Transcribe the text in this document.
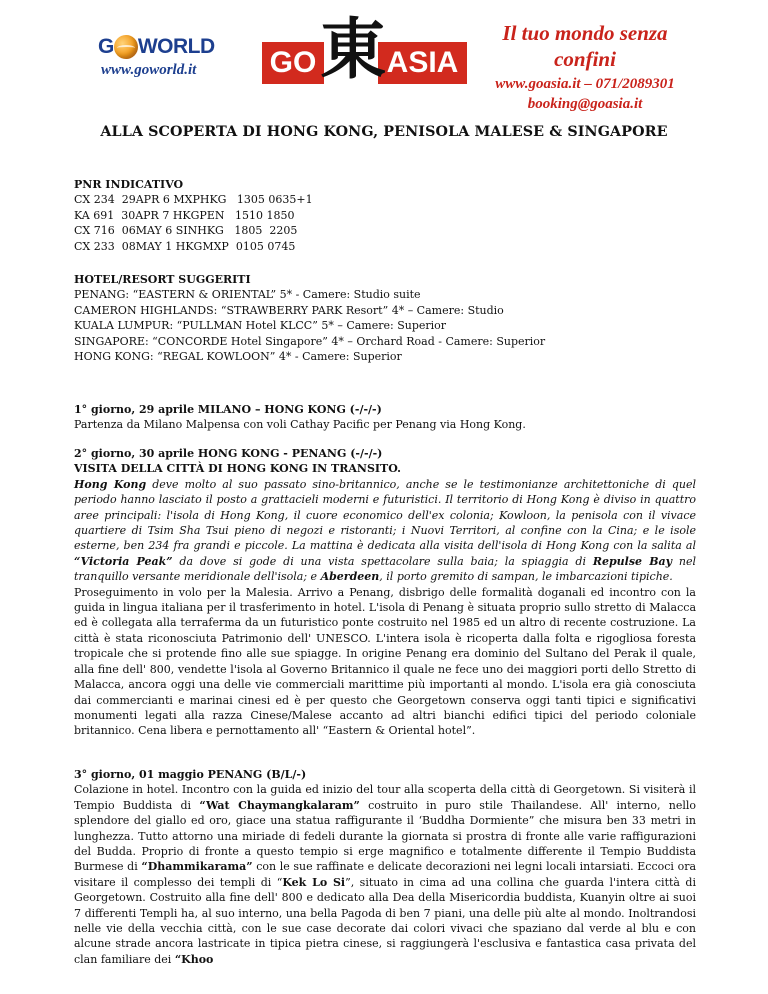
G WORLD
www.goworld.it	GO ASIA
東	Il tuo mondo senza confini
www.goasia.it – 071/2089301
booking@goasia.it
ALLA SCOPERTA DI HONG KONG, PENISOLA MALESE & SINGAPORE

PNR INDICATIVO

CX 234  29APR 6 MXPHKG   1305 0635+1

KA 691  30APR 7 HKGPEN   1510 1850

CX 716  06MAY 6 SINHKG   1805  2205

CX 233  08MAY 1 HKGMXP  0105 0745

HOTEL/RESORT SUGGERITI

PENANG: “EASTERN & ORIENTAL” 5* - Camere: Studio suite

CAMERON HIGHLANDS: “STRAWBERRY PARK Resort” 4* – Camere: Studio

KUALA LUMPUR: “PULLMAN Hotel KLCC” 5* – Camere: Superior

SINGAPORE: “CONCORDE Hotel Singapore” 4* – Orchard Road - Camere: Superior

HONG KONG: “REGAL KOWLOON” 4* - Camere: Superior

1° giorno, 29 aprile MILANO – HONG KONG (-/-/-)

Partenza da Milano Malpensa con voli Cathay Pacific per Penang via Hong Kong.

2° giorno, 30 aprile HONG KONG - PENANG (-/-/-)

VISITA DELLA CITTÀ DI HONG KONG IN TRANSITO.

Hong Kong deve molto al suo passato sino-britannico, anche se le testimonianze architettoniche di quel periodo hanno lasciato il posto a grattacieli moderni e futuristici. Il territorio di Hong Kong è diviso in quattro aree principali: l'isola di Hong Kong, il cuore economico dell'ex colonia; Kowloon, la penisola con il vivace quartiere di Tsim Sha Tsui pieno di negozi e ristoranti; i Nuovi Territori, al confine con la Cina; e le isole esterne, ben 234 fra grandi e piccole. La mattina è dedicata alla visita dell'isola di Hong Kong con la salita al “Victoria Peak” da dove si gode di una vista spettacolare sulla baia; la spiaggia di Repulse Bay nel tranquillo versante meridionale dell'isola; e Aberdeen, il porto gremito di sampan, le imbarcazioni tipiche.

Proseguimento in volo per la Malesia. Arrivo a Penang, disbrigo delle formalità doganali ed incontro con la guida in lingua italiana per il trasferimento in hotel. L'isola di Penang è situata proprio sullo stretto di Malacca ed è collegata alla terraferma da un futuristico ponte costruito nel 1985 ed un altro di recente costruzione. La città è stata riconosciuta Patrimonio dell' UNESCO. L'intera isola è ricoperta dalla folta e rigogliosa foresta tropicale che si protende fino alle sue spiagge. In origine Penang era dominio del Sultano del Perak il quale, alla fine dell' 800, vendette l'isola al Governo Britannico il quale ne fece uno dei maggiori porti dello Stretto di Malacca, ancora oggi una delle vie commerciali marittime più importanti al mondo. L'isola era già conosciuta dai commercianti e marinai cinesi ed è per questo che Georgetown conserva oggi tanti tipici e significativi monumenti legati alla razza Cinese/Malese accanto ad altri bianchi edifici tipici del periodo coloniale britannico. Cena libera e pernottamento all' “Eastern & Oriental hotel”.

3° giorno, 01 maggio PENANG (B/L/-)

Colazione in hotel. Incontro con la guida ed inizio del tour alla scoperta della città di Georgetown. Si visiterà il Tempio Buddista di “Wat Chaymangkalaram” costruito in puro stile Thailandese. All' interno, nello splendore del giallo ed oro, giace una statua raffigurante il ‘Buddha Dormiente” che misura ben 33 metri in lunghezza. Tutto attorno una miriade di fedeli durante la giornata si prostra di fronte alle varie raffigurazioni del Budda. Proprio di fronte a questo tempio si erge magnifico e totalmente differente il Tempio Buddista Burmese di “Dhammikarama” con le sue raffinate e delicate decorazioni nei legni locali intarsiati. Eccoci ora visitare il complesso dei templi di “Kek Lo Si”, situato in cima ad una collina che guarda l'intera città di Georgetown. Costruito alla fine dell' 800 e dedicato alla Dea della Misericordia buddista, Kuanyin oltre ai suoi 7 differenti Templi ha, al suo interno, una bella Pagoda di ben 7 piani, una delle più alte al mondo. Inoltrandosi nelle vie della vecchia città, con le sue case decorate dai colori vivaci che spaziano dal verde al blu e con alcune strade ancora lastricate in tipica pietra cinese, si raggiungerà l'esclusiva e fantastica casa privata del clan familiare dei “Khoo
